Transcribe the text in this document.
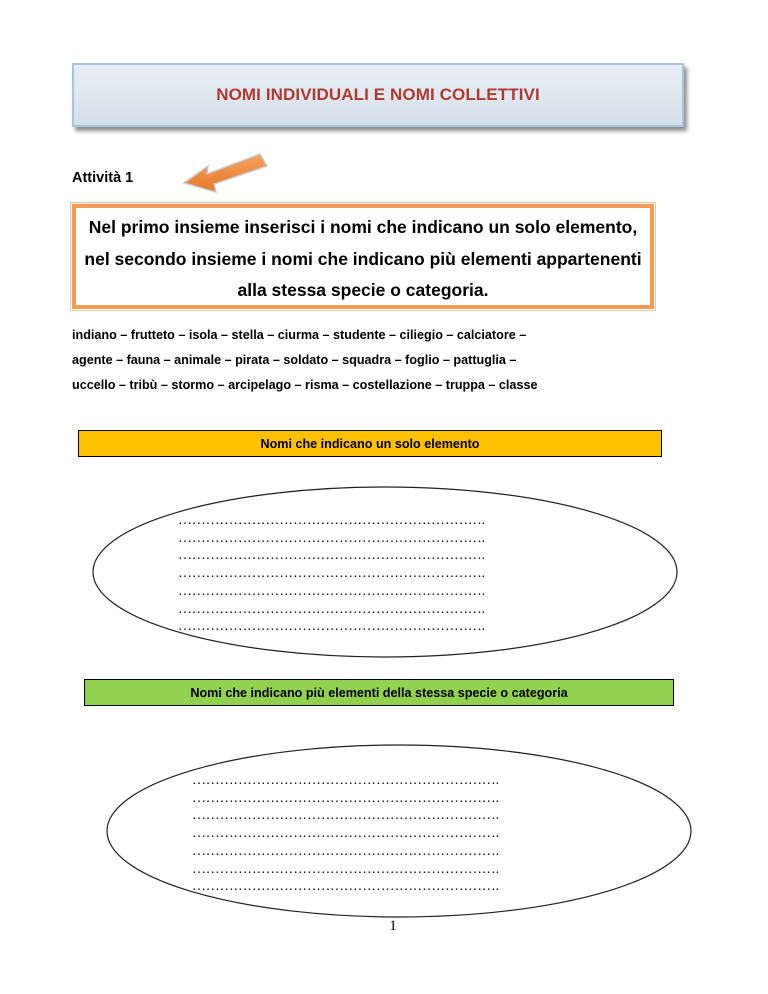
NOMI INDIVIDUALI E NOMI COLLETTIVI
Attività 1
Nel primo insieme inserisci i nomi che indicano un solo elemento, nel secondo insieme i nomi che indicano più elementi appartenenti alla stessa specie o categoria.
indiano – frutteto – isola – stella – ciurma – studente – ciliegio – calciatore –
agente – fauna – animale – pirata – soldato – squadra – foglio – pattuglia –
uccello – tribù – stormo – arcipelago – risma – costellazione – truppa – classe
Nomi che indicano un solo elemento
………………………………………………………….
………………………………………………………….
………………………………………………………….
………………………………………………………….
………………………………………………………….
………………………………………………………….
………………………………………………………….
Nomi che indicano più elementi della stessa specie o categoria
………………………………………………………….
………………………………………………………….
………………………………………………………….
………………………………………………………….
………………………………………………………….
………………………………………………………….
………………………………………………………….
1
